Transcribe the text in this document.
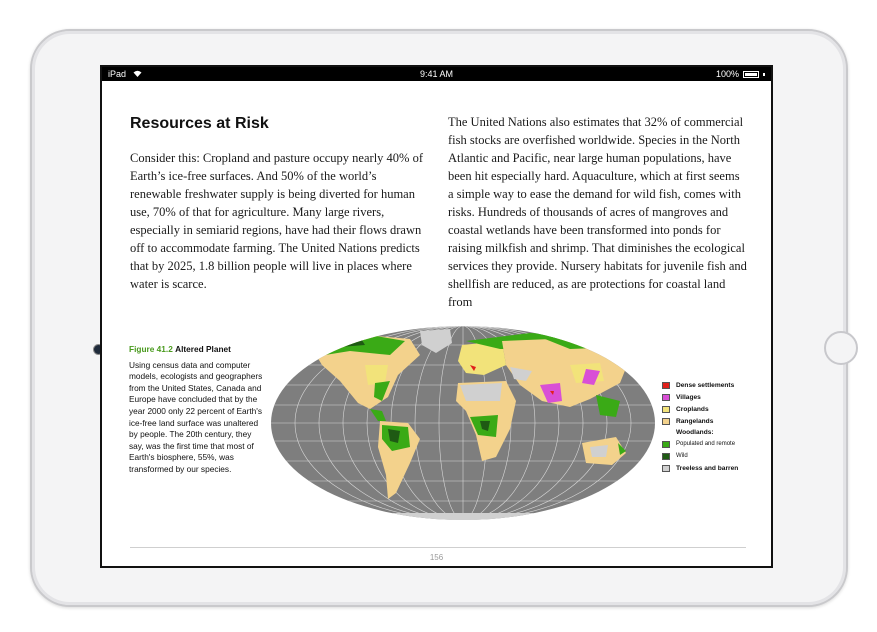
iPad	9:41 AM	100%
Resources at Risk
Consider this: Cropland and pasture occupy nearly 40% of Earth’s ice-free surfaces. And 50% of the world’s renewable freshwater supply is being diverted for human use, 70% of that for agriculture. Many large rivers, especially in semiarid regions, have had their flows drawn off to accommodate farming. The United Nations predicts that by 2025, 1.8 billion people will live in places where water is scarce.
The United Nations also estimates that 32% of commercial fish stocks are overfished worldwide. Species in the North Atlantic and Pacific, near large human populations, have been hit especially hard. Aquaculture, which at first seems a simple way to ease the demand for wild fish, comes with risks. Hundreds of thousands of acres of mangroves and coastal wetlands have been transformed into ponds for raising milkfish and shrimp. That diminishes the ecological services they provide. Nursery habitats for juvenile fish and shellfish are reduced, as are protections for coastal land from
Figure 41.2 Altered Planet
Using census data and computer models, ecologists and geographers from the United States, Canada and Europe have concluded that by the year 2000 only 22 percent of Earth's ice-free land surface was unaltered by people. The 20th century, they say, was the first time that most of Earth's biosphere, 55%, was transformed by our species.
Dense settlements
Villages
Croplands
Rangelands
Woodlands:
Populated and remote
Wild
Treeless and barren
156
